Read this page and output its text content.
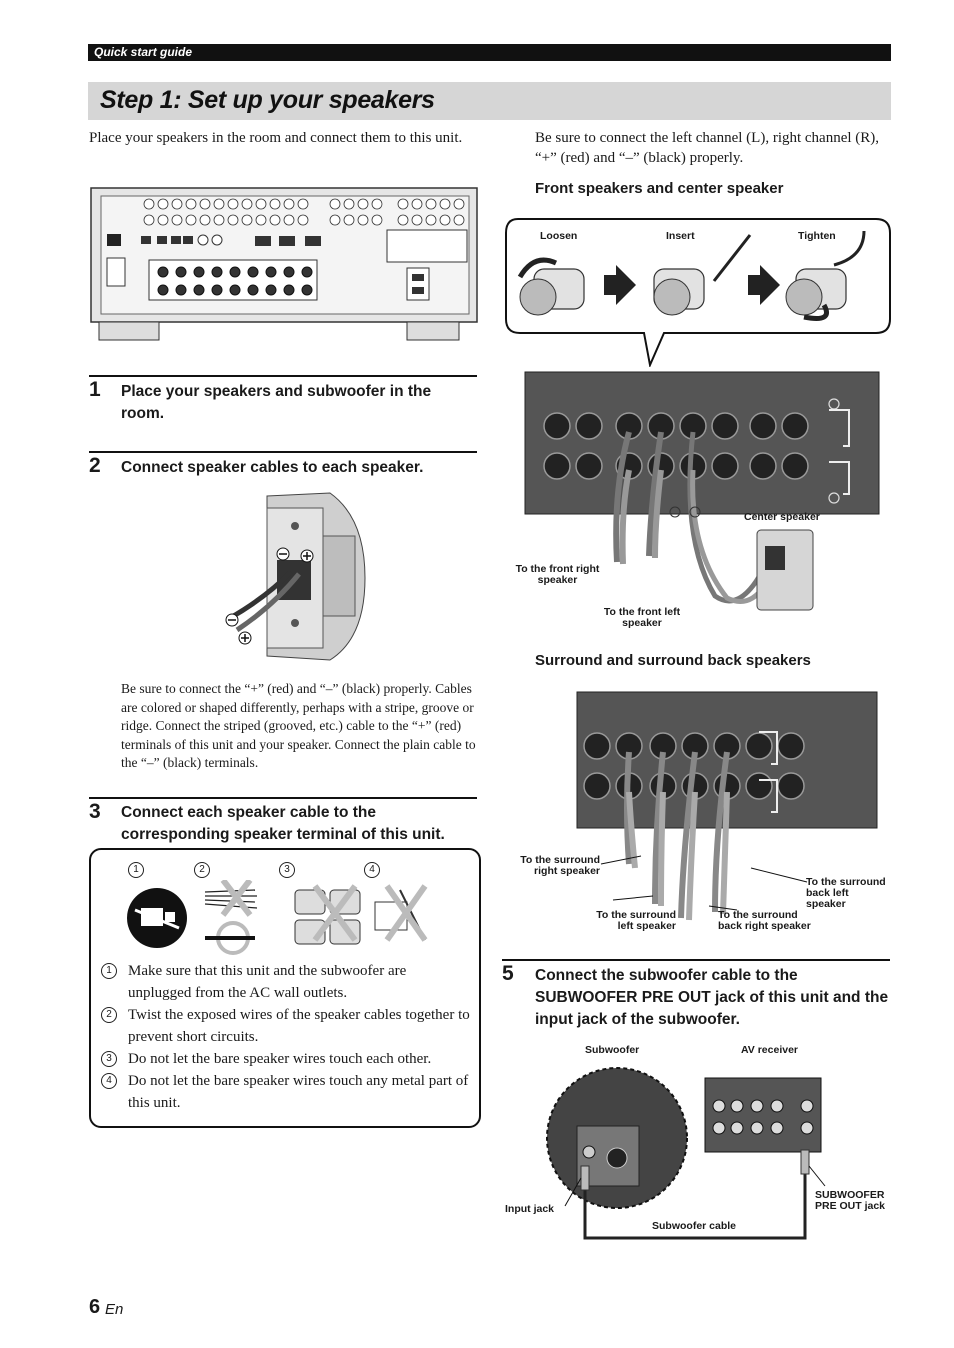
Quick start guide
Step 1: Set up your speakers
Place your speakers in the room and connect them to this unit.	Be sure to connect the left channel (L), right channel (R), “+” (red) and “–” (black) properly.
1 Place your speakers and subwoofer in the room.
2 Connect speaker cables to each speaker.
Be sure to connect the “+” (red) and “–” (black) properly. Cables are colored or shaped differently, perhaps with a stripe, groove or ridge. Connect the striped (grooved, etc.) cable to the “+” (red) terminals of this unit and your speaker. Connect the plain cable to the “–” (black) terminals.
3 Connect each speaker cable to the corresponding speaker terminal of this unit.
1	2	3	4
1	Make sure that this unit and the subwoofer are unplugged from the AC wall outlets.
2	Twist the exposed wires of the speaker cables together to prevent short circuits.
3	Do not let the bare speaker wires touch each other.
4	Do not let the bare speaker wires touch any metal part of this unit.
Front speakers and center speaker
Loosen	Insert	Tighten
Center speaker
To the front right speaker
To the front left speaker
Surround and surround back speakers
To the surround right speaker
To the surround left speaker
To the surround back right speaker
To the surround back left speaker
5 Connect the subwoofer cable to the SUBWOOFER PRE OUT jack of this unit and the input jack of the subwoofer.
Subwoofer	AV receiver
Input jack
Subwoofer cable
SUBWOOFER PRE OUT jack
6 En
